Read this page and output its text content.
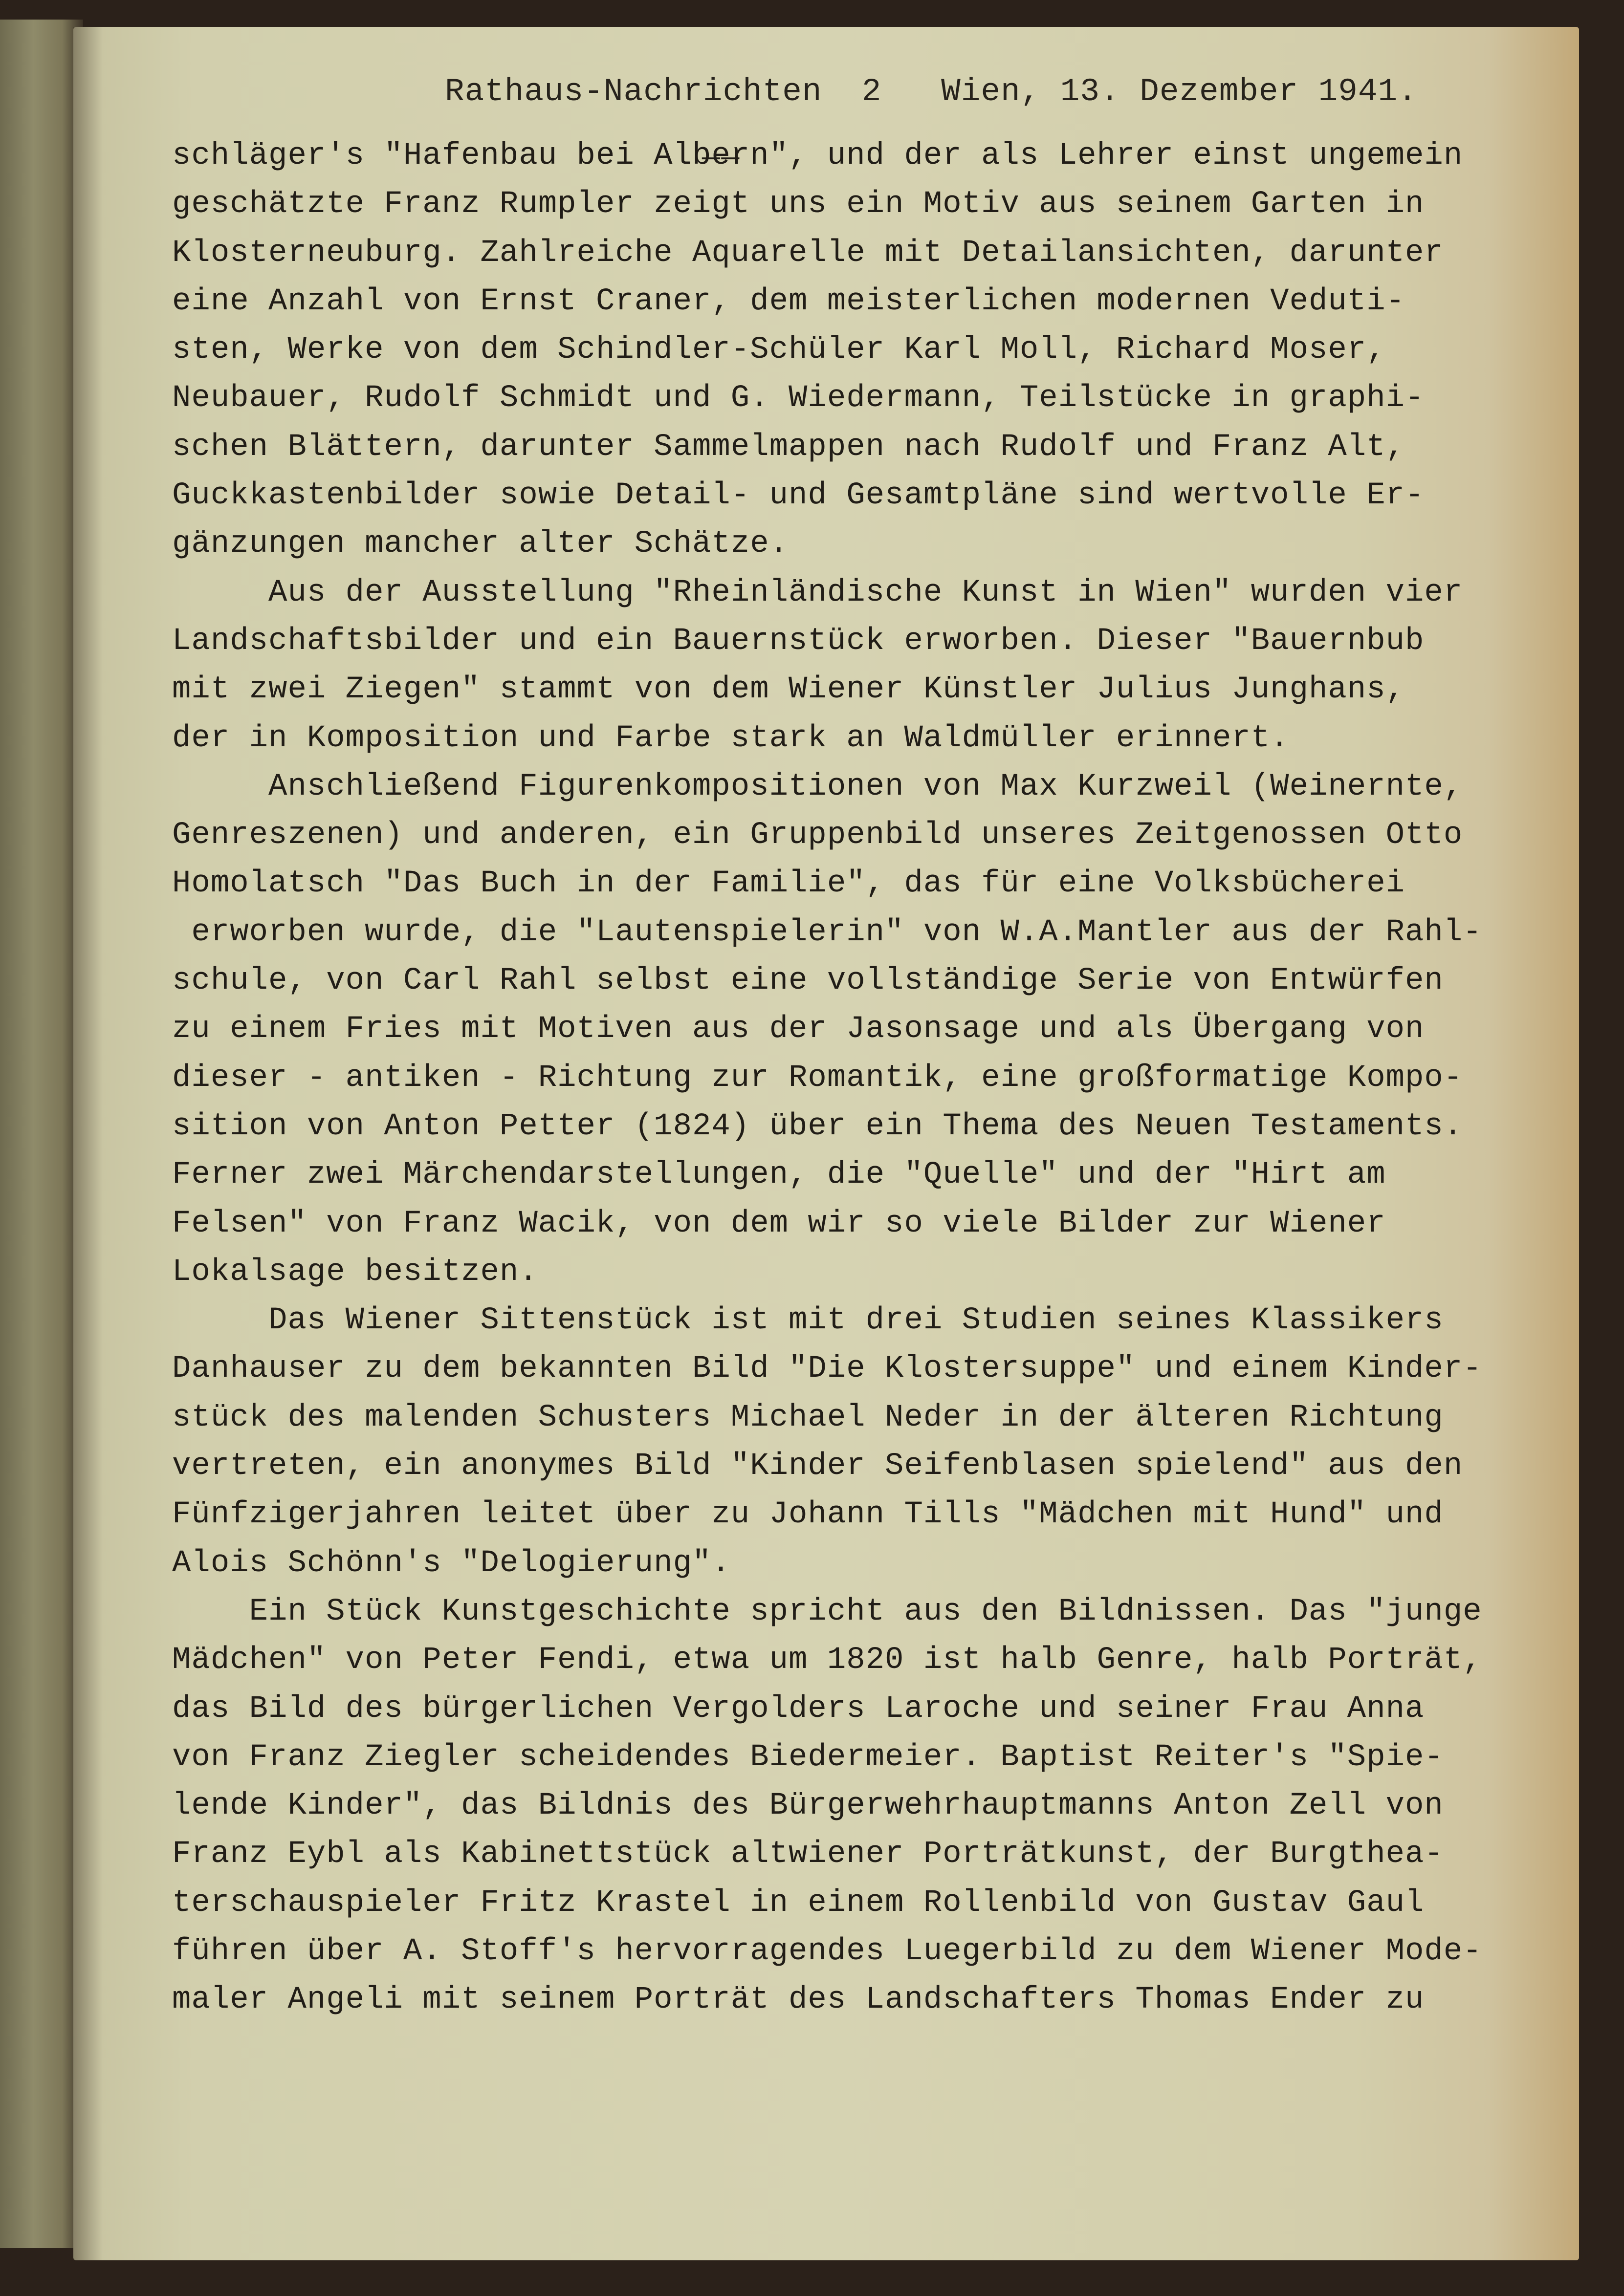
Rathaus-Nachrichten  2   Wien, 13. Dezember 1941.
schläger's "Hafenbau bei Alb̶e̶rn", und der als Lehrer einst ungemein
geschätzte Franz Rumpler zeigt uns ein Motiv aus seinem Garten in
Klosterneuburg. Zahlreiche Aquarelle mit Detailansichten, darunter
eine Anzahl von Ernst Craner, dem meisterlichen modernen Veduti-
sten, Werke von dem Schindler-Schüler Karl Moll, Richard Moser,
Neubauer, Rudolf Schmidt und G. Wiedermann, Teilstücke in graphi-
schen Blättern, darunter Sammelmappen nach Rudolf und Franz Alt,
Guckkastenbilder sowie Detail- und Gesamtpläne sind wertvolle Er-
gänzungen mancher alter Schätze.
Aus der Ausstellung "Rheinländische Kunst in Wien" wurden vier
Landschaftsbilder und ein Bauernstück erworben. Dieser "Bauernbub
mit zwei Ziegen" stammt von dem Wiener Künstler Julius Junghans,
der in Komposition und Farbe stark an Waldmüller erinnert.
Anschließend Figurenkompositionen von Max Kurzweil (Weinernte,
Genreszenen) und anderen, ein Gruppenbild unseres Zeitgenossen Otto
Homolatsch "Das Buch in der Familie", das für eine Volksbücherei
erworben wurde, die "Lautenspielerin" von W.A.Mantler aus der Rahl-
schule, von Carl Rahl selbst eine vollständige Serie von Entwürfen
zu einem Fries mit Motiven aus der Jasonsage und als Übergang von
dieser - antiken - Richtung zur Romantik, eine großformatige Kompo-
sition von Anton Petter (1824) über ein Thema des Neuen Testaments.
Ferner zwei Märchendarstellungen, die "Quelle" und der "Hirt am
Felsen" von Franz Wacik, von dem wir so viele Bilder zur Wiener
Lokalsage besitzen.
Das Wiener Sittenstück ist mit drei Studien seines Klassikers
Danhauser zu dem bekannten Bild "Die Klostersuppe" und einem Kinder-
stück des malenden Schusters Michael Neder in der älteren Richtung
vertreten, ein anonymes Bild "Kinder Seifenblasen spielend" aus den
Fünfzigerjahren leitet über zu Johann Tills "Mädchen mit Hund" und
Alois Schönn's "Delogierung".
Ein Stück Kunstgeschichte spricht aus den Bildnissen. Das "junge
Mädchen" von Peter Fendi, etwa um 1820 ist halb Genre, halb Porträt,
das Bild des bürgerlichen Vergolders Laroche und seiner Frau Anna
von Franz Ziegler scheidendes Biedermeier. Baptist Reiter's "Spie-
lende Kinder", das Bildnis des Bürgerwehrhauptmanns Anton Zell von
Franz Eybl als Kabinettstück altwiener Porträtkunst, der Burgthea-
terschauspieler Fritz Krastel in einem Rollenbild von Gustav Gaul
führen über A. Stoff's hervorragendes Luegerbild zu dem Wiener Mode-
maler Angeli mit seinem Porträt des Landschafters Thomas Ender zu
